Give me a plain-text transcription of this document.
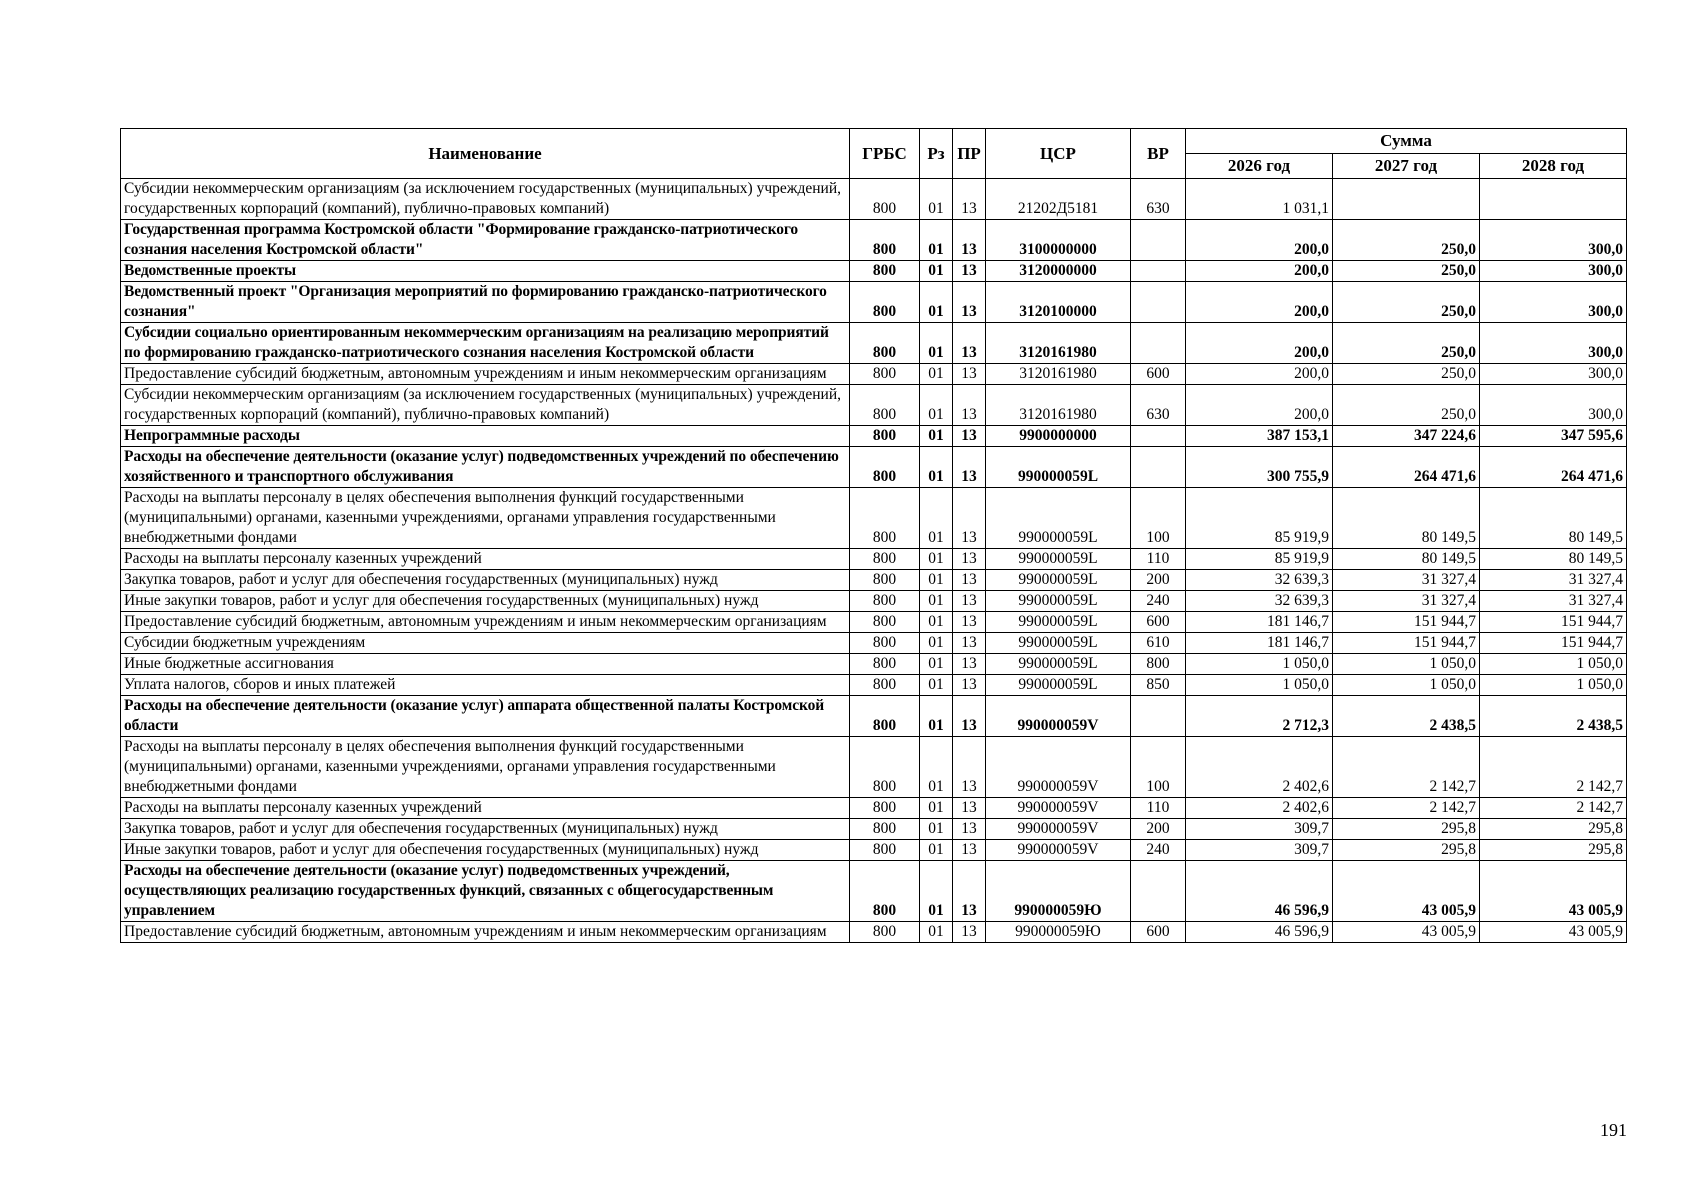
Наименование	ГРБС	Рз	ПР	ЦСР	ВР	Сумма		
						2026 год	2027 год	2028 год
Субсидии некоммерческим организациям (за исключением государственных (муниципальных) учреждений, государственных корпораций (компаний), публично-правовых компаний)	800	01	13	21202Д5181	630	1 031,1		
Государственная программа Костромской области "Формирование гражданско-патриотического сознания населения Костромской области"	800	01	13	3100000000		200,0	250,0	300,0
Ведомственные проекты	800	01	13	3120000000		200,0	250,0	300,0
Ведомственный проект "Организация мероприятий по формированию гражданско-патриотического сознания"	800	01	13	3120100000		200,0	250,0	300,0
Субсидии социально ориентированным некоммерческим организациям на реализацию мероприятий по формированию гражданско-патриотического сознания населения Костромской области	800	01	13	3120161980		200,0	250,0	300,0
Предоставление субсидий бюджетным, автономным учреждениям и иным некоммерческим организациям	800	01	13	3120161980	600	200,0	250,0	300,0
Субсидии некоммерческим организациям (за исключением государственных (муниципальных) учреждений, государственных корпораций (компаний), публично-правовых компаний)	800	01	13	3120161980	630	200,0	250,0	300,0
Непрограммные расходы	800	01	13	9900000000		387 153,1	347 224,6	347 595,6
Расходы на обеспечение деятельности (оказание услуг) подведомственных учреждений по обеспечению хозяйственного и транспортного обслуживания	800	01	13	990000059L		300 755,9	264 471,6	264 471,6
Расходы на выплаты персоналу в целях обеспечения выполнения функций государственными (муниципальными) органами, казенными учреждениями, органами управления государственными внебюджетными фондами	800	01	13	990000059L	100	85 919,9	80 149,5	80 149,5
Расходы на выплаты персоналу казенных учреждений	800	01	13	990000059L	110	85 919,9	80 149,5	80 149,5
Закупка товаров, работ и услуг для обеспечения государственных (муниципальных) нужд	800	01	13	990000059L	200	32 639,3	31 327,4	31 327,4
Иные закупки товаров, работ и услуг для обеспечения государственных (муниципальных) нужд	800	01	13	990000059L	240	32 639,3	31 327,4	31 327,4
Предоставление субсидий бюджетным, автономным учреждениям и иным некоммерческим организациям	800	01	13	990000059L	600	181 146,7	151 944,7	151 944,7
Субсидии бюджетным учреждениям	800	01	13	990000059L	610	181 146,7	151 944,7	151 944,7
Иные бюджетные ассигнования	800	01	13	990000059L	800	1 050,0	1 050,0	1 050,0
Уплата налогов, сборов и иных платежей	800	01	13	990000059L	850	1 050,0	1 050,0	1 050,0
Расходы на обеспечение деятельности (оказание услуг) аппарата общественной палаты Костромской области	800	01	13	990000059V		2 712,3	2 438,5	2 438,5
Расходы на выплаты персоналу в целях обеспечения выполнения функций государственными (муниципальными) органами, казенными учреждениями, органами управления государственными внебюджетными фондами	800	01	13	990000059V	100	2 402,6	2 142,7	2 142,7
Расходы на выплаты персоналу казенных учреждений	800	01	13	990000059V	110	2 402,6	2 142,7	2 142,7
Закупка товаров, работ и услуг для обеспечения государственных (муниципальных) нужд	800	01	13	990000059V	200	309,7	295,8	295,8
Иные закупки товаров, работ и услуг для обеспечения государственных (муниципальных) нужд	800	01	13	990000059V	240	309,7	295,8	295,8
Расходы на обеспечение деятельности (оказание услуг) подведомственных учреждений, осуществляющих реализацию государственных функций, связанных с общегосударственным управлением	800	01	13	990000059Ю		46 596,9	43 005,9	43 005,9
Предоставление субсидий бюджетным, автономным учреждениям и иным некоммерческим организациям	800	01	13	990000059Ю	600	46 596,9	43 005,9	43 005,9
191
